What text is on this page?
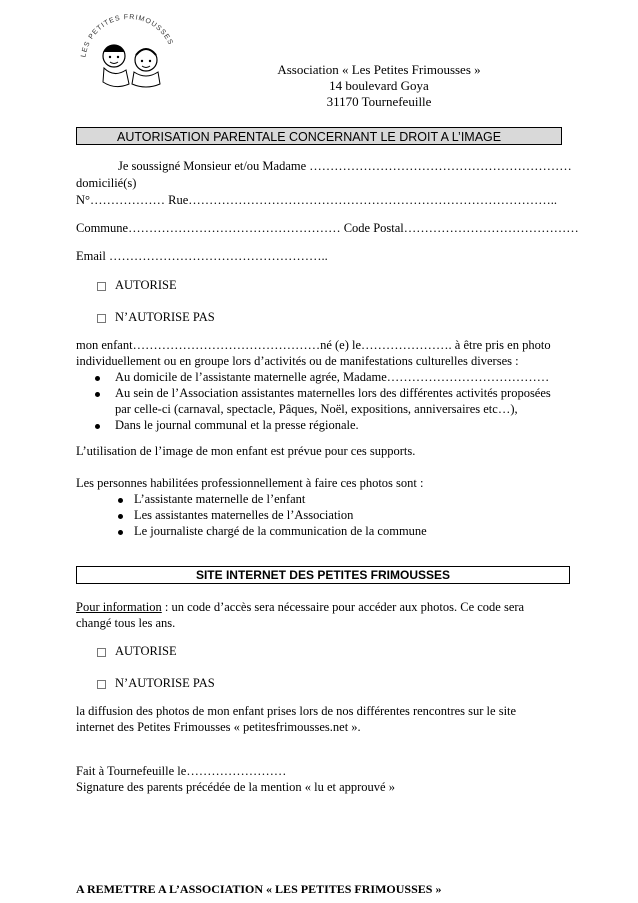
LES PETITES FRIMOUSSES
Association « Les Petites Frimousses »
14 boulevard Goya
31170 Tournefeuille
AUTORISATION PARENTALE CONCERNANT LE DROIT A L’IMAGE
Je soussigné Monsieur et/ou Madame ………………………………………………………
domicilié(s)
N°……………… Rue……………………………………………………………………………..
Commune…………………………………………… Code Postal……………………………………
Email ……………………………………………..
AUTORISE
N’AUTORISE PAS
mon enfant………………………………………né (e) le…………………. à être pris en photo
individuellement ou en groupe lors d’activités ou de manifestations culturelles diverses :
Au domicile de l’assistante maternelle agrée, Madame…………………………………
Au sein de l’Association assistantes maternelles lors des différentes activités proposées
par celle-ci (carnaval, spectacle, Pâques, Noël, expositions, anniversaires etc…),
Dans le journal communal et la presse régionale.
L’utilisation de l’image de mon enfant est prévue pour ces supports.
Les personnes habilitées professionnellement à faire ces photos sont :
L’assistante maternelle de l’enfant
Les assistantes maternelles de l’Association
Le journaliste chargé de la communication de la commune
SITE INTERNET DES PETITES FRIMOUSSES
Pour information : un code d’accès sera nécessaire pour accéder aux photos. Ce code sera
changé tous les ans.
AUTORISE
N’AUTORISE PAS
la diffusion des photos de mon enfant prises lors de nos différentes rencontres sur le site
internet des Petites Frimousses « petitesfrimousses.net ».
Fait à Tournefeuille le……………………
Signature des parents précédée de la mention « lu et approuvé »
A REMETTRE A L’ASSOCIATION « LES PETITES FRIMOUSSES »
